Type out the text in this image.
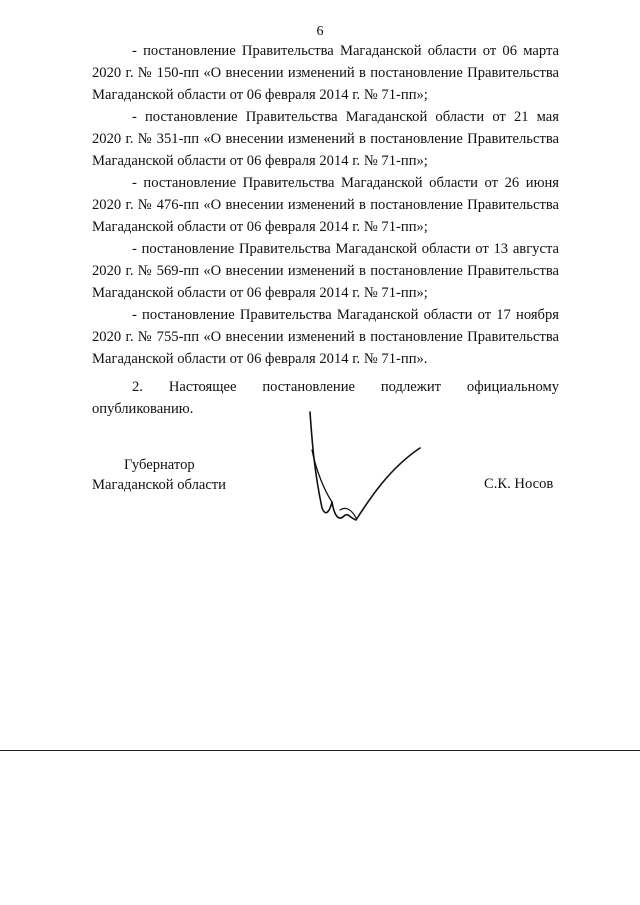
6

- постановление Правительства Магаданской области от 06 марта 2020 г. № 150-пп «О внесении изменений в постановление Правительства Магаданской области от 06 февраля 2014 г. № 71-пп»;

- постановление Правительства Магаданской области от 21 мая 2020 г. № 351-пп «О внесении изменений в постановление Правительства Магаданской области от 06 февраля 2014 г. № 71-пп»;

- постановление Правительства Магаданской области от 26 июня 2020 г. № 476-пп «О внесении изменений в постановление Правительства Магаданской области от 06 февраля 2014 г. № 71-пп»;

- постановление Правительства Магаданской области от 13 августа 2020 г. № 569-пп «О внесении изменений в постановление Правительства Магаданской области от 06 февраля 2014 г. № 71-пп»;

- постановление Правительства Магаданской области от 17 ноября 2020 г. № 755-пп «О внесении изменений в постановление Правительства Магаданской области от 06 февраля 2014 г. № 71-пп».

2. Настоящее постановление подлежит официальному опубликованию.

Губернатор
Магаданской области	С.К. Носов
